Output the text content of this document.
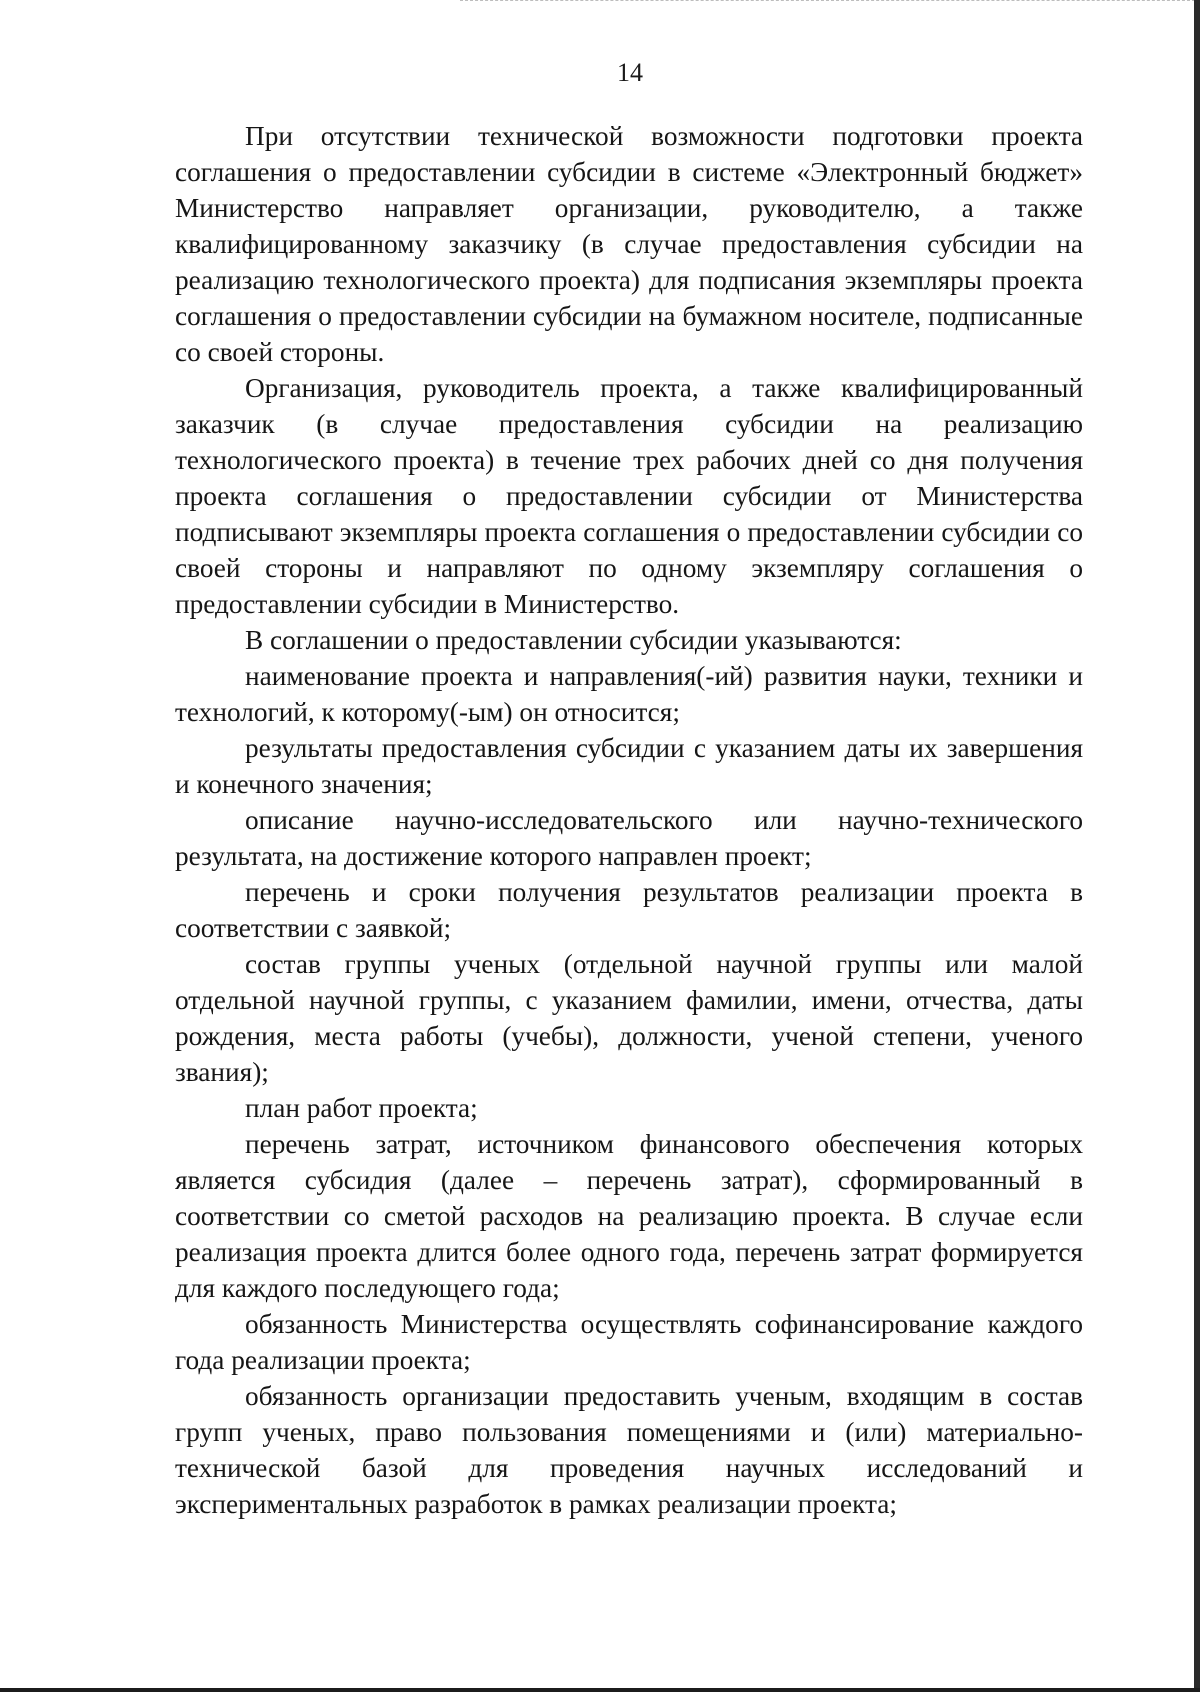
14

При отсутствии технической возможности подготовки проекта соглашения о предоставлении субсидии в системе «Электронный бюджет» Министерство направляет организации, руководителю, а также квалифицированному заказчику (в случае предоставления субсидии на реализацию технологического проекта) для подписания экземпляры проекта соглашения о предоставлении субсидии на бумажном носителе, подписанные со своей стороны.

Организация, руководитель проекта, а также квалифицированный заказчик (в случае предоставления субсидии на реализацию технологического проекта) в течение трех рабочих дней со дня получения проекта соглашения о предоставлении субсидии от Министерства подписывают экземпляры проекта соглашения о предоставлении субсидии со своей стороны и направляют по одному экземпляру соглашения о предоставлении субсидии в Министерство.

В соглашении о предоставлении субсидии указываются:

наименование проекта и направления(-ий) развития науки, техники и технологий, к которому(-ым) он относится;

результаты предоставления субсидии с указанием даты их завершения и конечного значения;

описание научно-исследовательского или научно-технического результата, на достижение которого направлен проект;

перечень и сроки получения результатов реализации проекта в соответствии с заявкой;

состав группы ученых (отдельной научной группы или малой отдельной научной группы, с указанием фамилии, имени, отчества, даты рождения, места работы (учебы), должности, ученой степени, ученого звания);

план работ проекта;

перечень затрат, источником финансового обеспечения которых является субсидия (далее – перечень затрат), сформированный в соответствии со сметой расходов на реализацию проекта. В случае если реализация проекта длится более одного года, перечень затрат формируется для каждого последующего года;

обязанность Министерства осуществлять софинансирование каждого года реализации проекта;

обязанность организации предоставить ученым, входящим в состав групп ученых, право пользования помещениями и (или) материально-технической базой для проведения научных исследований и экспериментальных разработок в рамках реализации проекта;
